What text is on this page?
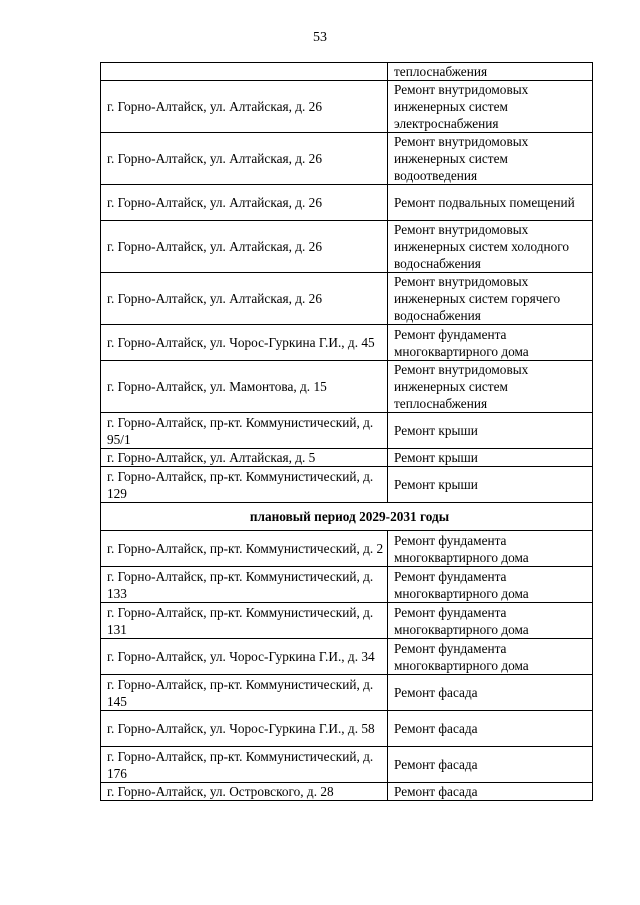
53
	теплоснабжения
г. Горно-Алтайск, ул. Алтайская, д. 26	Ремонт внутридомовых инженерных систем электроснабжения
г. Горно-Алтайск, ул. Алтайская, д. 26	Ремонт внутридомовых инженерных систем водоотведения
г. Горно-Алтайск, ул. Алтайская, д. 26	Ремонт подвальных помещений
г. Горно-Алтайск, ул. Алтайская, д. 26	Ремонт внутридомовых инженерных систем холодного водоснабжения
г. Горно-Алтайск, ул. Алтайская, д. 26	Ремонт внутридомовых инженерных систем горячего водоснабжения
г. Горно-Алтайск, ул. Чорос-Гуркина Г.И., д. 45	Ремонт фундамента многоквартирного дома
г. Горно-Алтайск, ул. Мамонтова, д. 15	Ремонт внутридомовых инженерных систем теплоснабжения
г. Горно-Алтайск, пр-кт. Коммунистический, д. 95/1	Ремонт крыши
г. Горно-Алтайск, ул. Алтайская, д. 5	Ремонт крыши
г. Горно-Алтайск, пр-кт. Коммунистический, д. 129	Ремонт крыши
плановый период 2029-2031 годы	
г. Горно-Алтайск, пр-кт. Коммунистический, д. 2	Ремонт фундамента многоквартирного дома
г. Горно-Алтайск, пр-кт. Коммунистический, д. 133	Ремонт фундамента многоквартирного дома
г. Горно-Алтайск, пр-кт. Коммунистический, д. 131	Ремонт фундамента многоквартирного дома
г. Горно-Алтайск, ул. Чорос-Гуркина Г.И., д. 34	Ремонт фундамента многоквартирного дома
г. Горно-Алтайск, пр-кт. Коммунистический, д. 145	Ремонт фасада
г. Горно-Алтайск, ул. Чорос-Гуркина Г.И., д. 58	Ремонт фасада
г. Горно-Алтайск, пр-кт. Коммунистический, д. 176	Ремонт фасада
г. Горно-Алтайск, ул. Островского, д. 28	Ремонт фасада
